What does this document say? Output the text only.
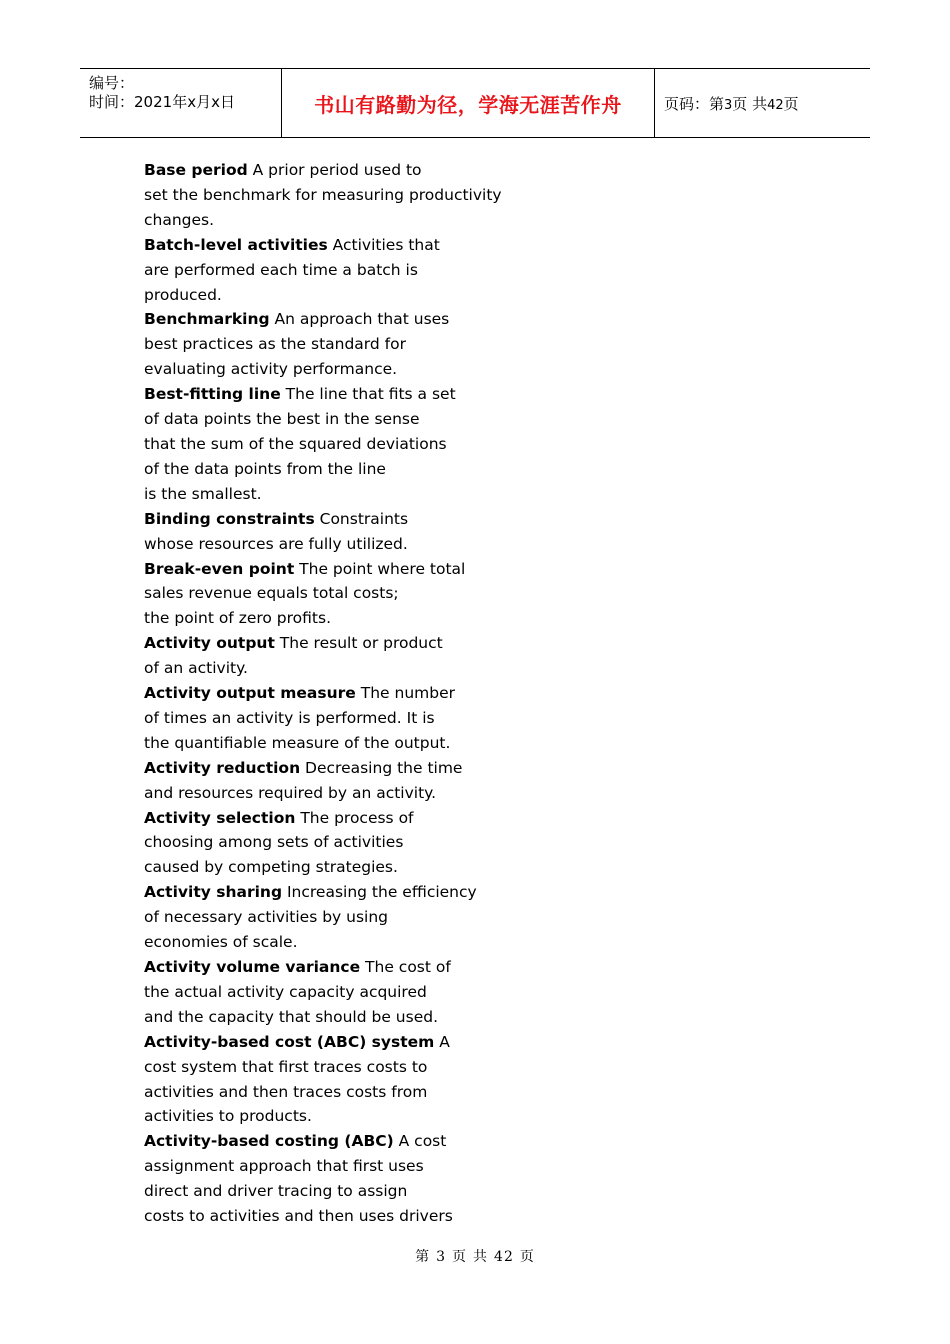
编号：
时间：2021年x月x日	书山有路勤为径，学海无涯苦作舟	页码：第3页 共42页
Base period A prior period used to
set the benchmark for measuring productivity
changes.
Batch-level activities Activities that
are performed each time a batch is
produced.
Benchmarking An approach that uses
best practices as the standard for
evaluating activity performance.
Best-fitting line The line that fits a set
of data points the best in the sense
that the sum of the squared deviations
of the data points from the line
is the smallest.
Binding constraints Constraints
whose resources are fully utilized.
Break-even point The point where total
sales revenue equals total costs;
the point of zero profits.
Activity output The result or product
of an activity.
Activity output measure The number
of times an activity is performed. It is
the quantifiable measure of the output.
Activity reduction Decreasing the time
and resources required by an activity.
Activity selection The process of
choosing among sets of activities
caused by competing strategies.
Activity sharing Increasing the efficiency
of necessary activities by using
economies of scale.
Activity volume variance The cost of
the actual activity capacity acquired
and the capacity that should be used.
Activity-based cost (ABC) system A
cost system that first traces costs to
activities and then traces costs from
activities to products.
Activity-based costing (ABC) A cost
assignment approach that first uses
direct and driver tracing to assign
costs to activities and then uses drivers
第 3 页 共 42 页
